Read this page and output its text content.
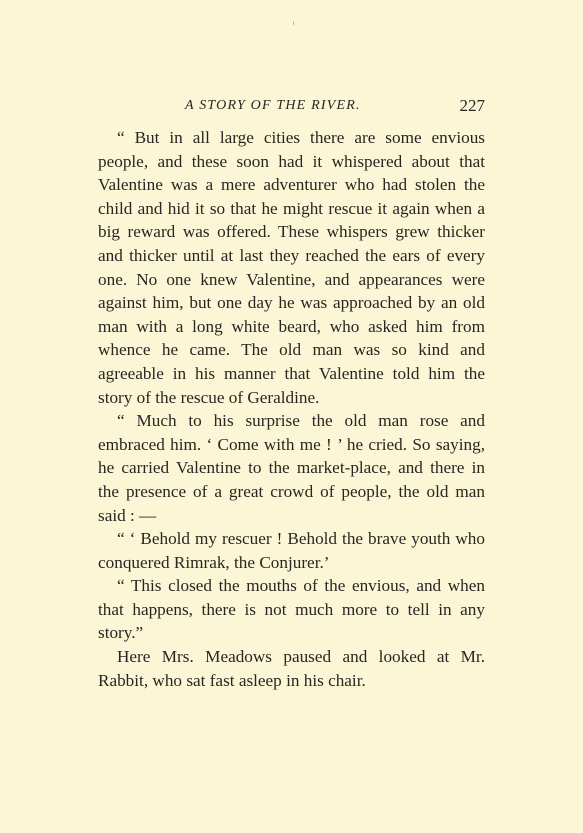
A STORY OF THE RIVER.	227

“ But in all large cities there are some envious people, and these soon had it whispered about that Valentine was a mere adventurer who had stolen the child and hid it so that he might rescue it again when a big reward was offered. These whispers grew thicker and thicker until at last they reached the ears of every one. No one knew Valentine, and appearances were against him, but one day he was approached by an old man with a long white beard, who asked him from whence he came. The old man was so kind and agreeable in his manner that Valentine told him the story of the rescue of Geraldine.

“ Much to his surprise the old man rose and embraced him. ‘ Come with me ! ’ he cried. So saying, he carried Valentine to the market-place, and there in the presence of a great crowd of people, the old man said : —

“ ‘ Behold my rescuer ! Behold the brave youth who conquered Rimrak, the Conjurer.’

“ This closed the mouths of the envious, and when that happens, there is not much more to tell in any story.”

Here Mrs. Meadows paused and looked at Mr. Rabbit, who sat fast asleep in his chair.
